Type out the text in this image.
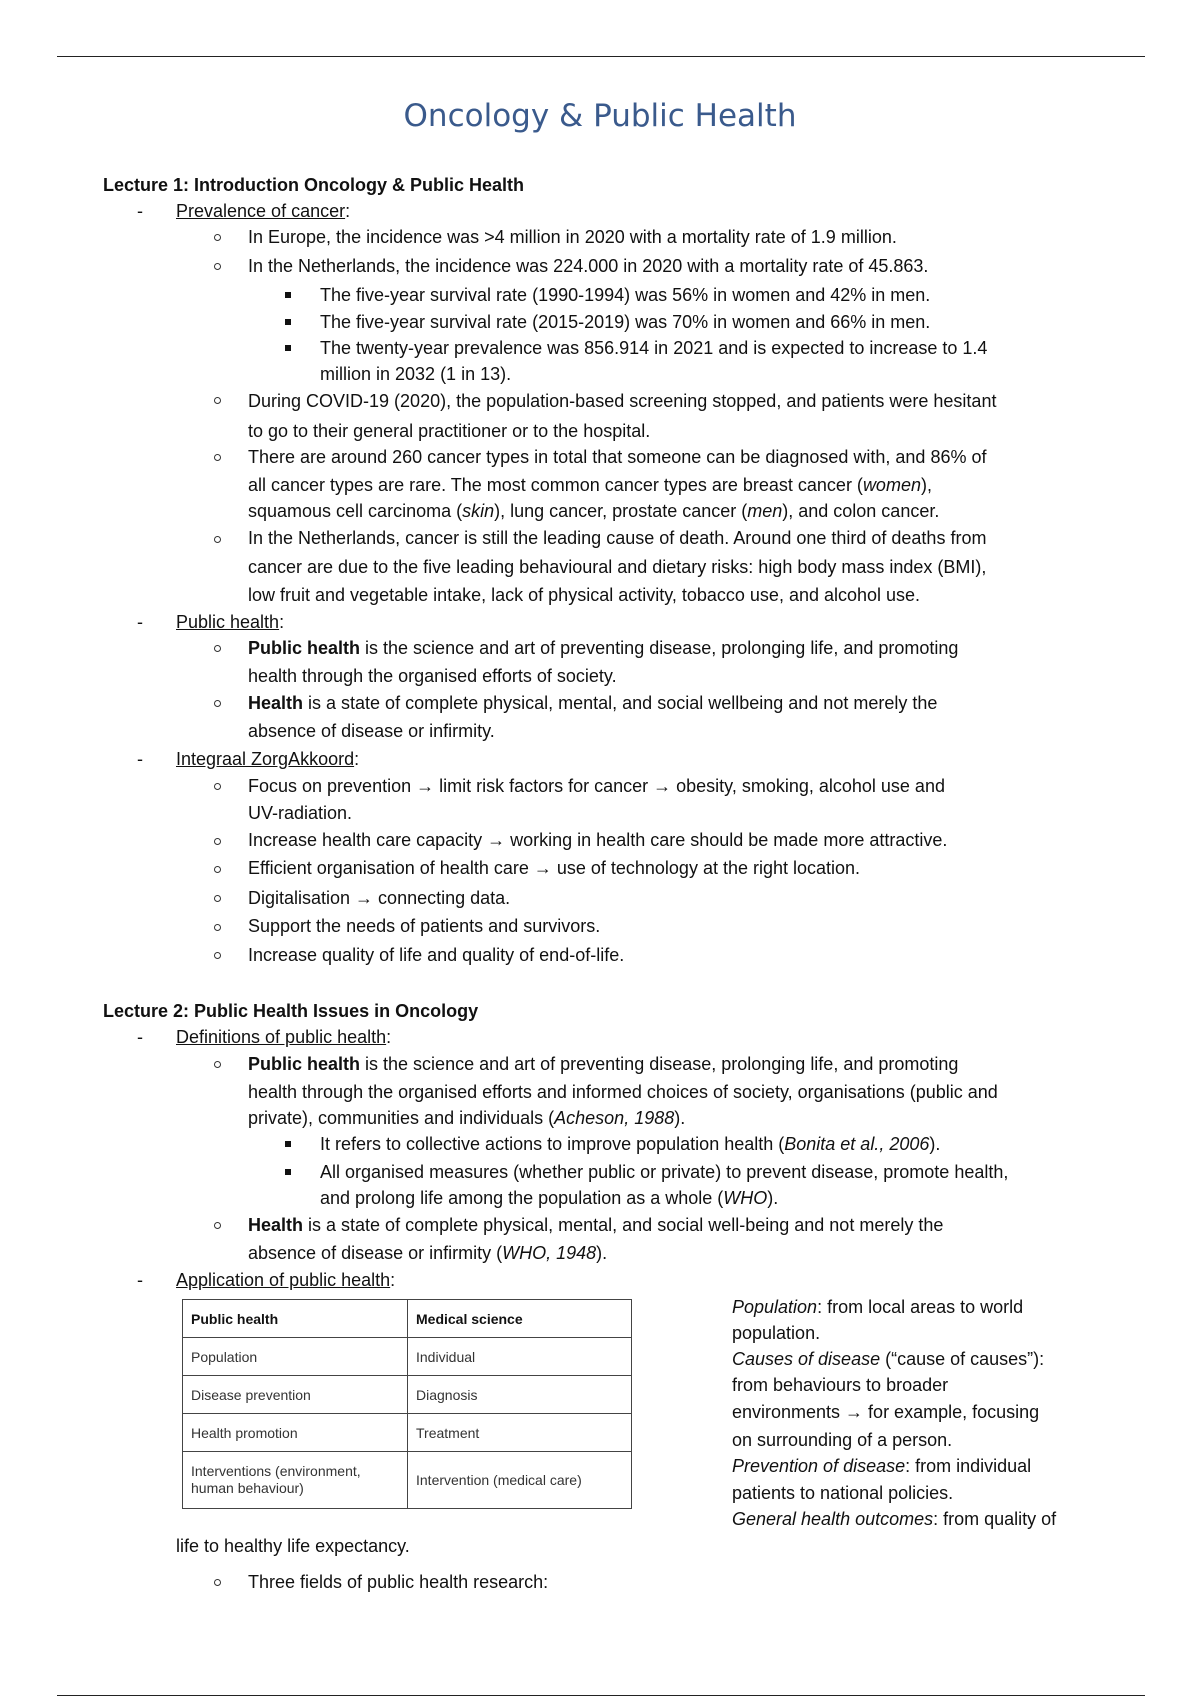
Oncology & Public Health
Lecture 1: Introduction Oncology & Public Health
- Prevalence of cancer:
In Europe, the incidence was >4 million in 2020 with a mortality rate of 1.9 million.
In the Netherlands, the incidence was 224.000 in 2020 with a mortality rate of 45.863.
The five-year survival rate (1990-1994) was 56% in women and 42% in men.
The five-year survival rate (2015-2019) was 70% in women and 66% in men.
The twenty-year prevalence was 856.914 in 2021 and is expected to increase to 1.4
million in 2032 (1 in 13).
During COVID-19 (2020), the population-based screening stopped, and patients were hesitant
to go to their general practitioner or to the hospital.
There are around 260 cancer types in total that someone can be diagnosed with, and 86% of
all cancer types are rare. The most common cancer types are breast cancer (women),
squamous cell carcinoma (skin), lung cancer, prostate cancer (men), and colon cancer.
In the Netherlands, cancer is still the leading cause of death. Around one third of deaths from
cancer are due to the five leading behavioural and dietary risks: high body mass index (BMI),
low fruit and vegetable intake, lack of physical activity, tobacco use, and alcohol use.
- Public health:
Public health is the science and art of preventing disease, prolonging life, and promoting
health through the organised efforts of society.
Health is a state of complete physical, mental, and social wellbeing and not merely the
absence of disease or infirmity.
- Integraal ZorgAkkoord:
Focus on prevention → limit risk factors for cancer → obesity, smoking, alcohol use and
UV-radiation.
Increase health care capacity → working in health care should be made more attractive.
Efficient organisation of health care → use of technology at the right location.
Digitalisation → connecting data.
Support the needs of patients and survivors.
Increase quality of life and quality of end-of-life.
Lecture 2: Public Health Issues in Oncology
- Definitions of public health:
Public health is the science and art of preventing disease, prolonging life, and promoting
health through the organised efforts and informed choices of society, organisations (public and
private), communities and individuals (Acheson, 1988).
It refers to collective actions to improve population health (Bonita et al., 2006).
All organised measures (whether public or private) to prevent disease, promote health,
and prolong life among the population as a whole (WHO).
Health is a state of complete physical, mental, and social well-being and not merely the
absence of disease or infirmity (WHO, 1948).
- Application of public health:
Public health	Medical science
Population	Individual
Disease prevention	Diagnosis
Health promotion	Treatment
Interventions (environment, human behaviour)	Intervention (medical care)
Population: from local areas to world
population.
Causes of disease (“cause of causes”):
from behaviours to broader
environments → for example, focusing
on surrounding of a person.
Prevention of disease: from individual
patients to national policies.
General health outcomes: from quality of
life to healthy life expectancy.
Three fields of public health research:
